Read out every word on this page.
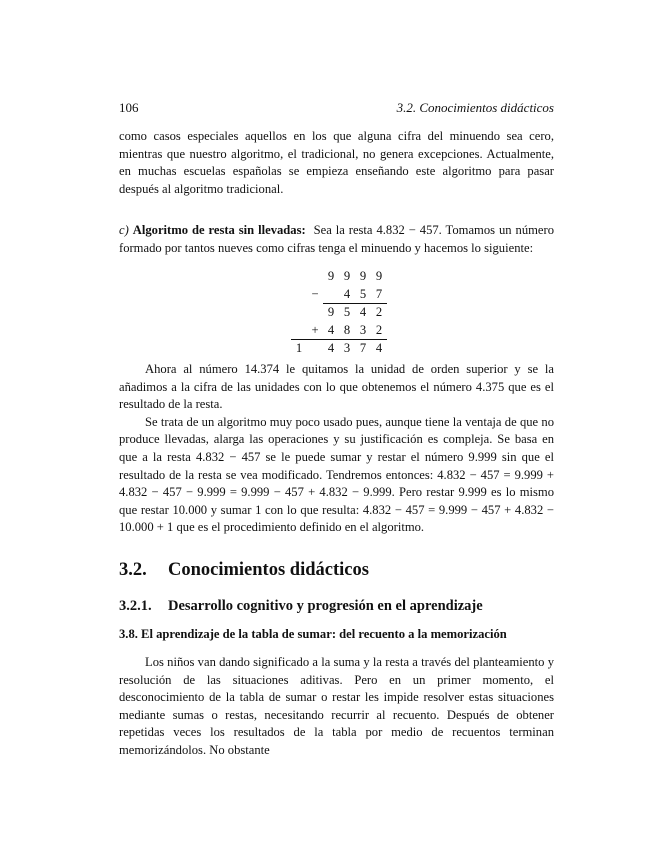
106	3.2. Conocimientos didácticos

como casos especiales aquellos en los que alguna cifra del minuendo sea cero, mientras que nuestro algoritmo, el tradicional, no genera excepciones. Actualmente, en muchas escuelas españolas se empieza enseñando este algoritmo para pasar después al algoritmo tradicional.

c) Algoritmo de resta sin llevadas: Sea la resta 4.832 − 457. Tomamos un número formado por tantos nueves como cifras tenga el minuendo y hacemos lo siguiente:

		9	9	9	9
	−		4	5	7
		9	5	4	2
	+	4	8	3	2
1		4	3	7	4

Ahora al número 14.374 le quitamos la unidad de orden superior y se la añadimos a la cifra de las unidades con lo que obtenemos el número 4.375 que es el resultado de la resta.

Se trata de un algoritmo muy poco usado pues, aunque tiene la ventaja de que no produce llevadas, alarga las operaciones y su justificación es compleja. Se basa en que a la resta 4.832 − 457 se le puede sumar y restar el número 9.999 sin que el resultado de la resta se vea modificado. Tendremos entonces: 4.832 − 457 = 9.999 + 4.832 − 457 − 9.999 = 9.999 − 457 + 4.832 − 9.999. Pero restar 9.999 es lo mismo que restar 10.000 y sumar 1 con lo que resulta: 4.832 − 457 = 9.999 − 457 + 4.832 − 10.000 + 1 que es el procedimiento definido en el algoritmo.

3.2. Conocimientos didácticos
3.2.1. Desarrollo cognitivo y progresión en el aprendizaje
3.8. El aprendizaje de la tabla de sumar: del recuento a la memorización

Los niños van dando significado a la suma y la resta a través del planteamiento y resolución de las situaciones aditivas. Pero en un primer momento, el desconocimiento de la tabla de sumar o restar les impide resolver estas situaciones mediante sumas o restas, necesitando recurrir al recuento. Después de obtener repetidas veces los resultados de la tabla por medio de recuentos terminan memorizándolos. No obstante
